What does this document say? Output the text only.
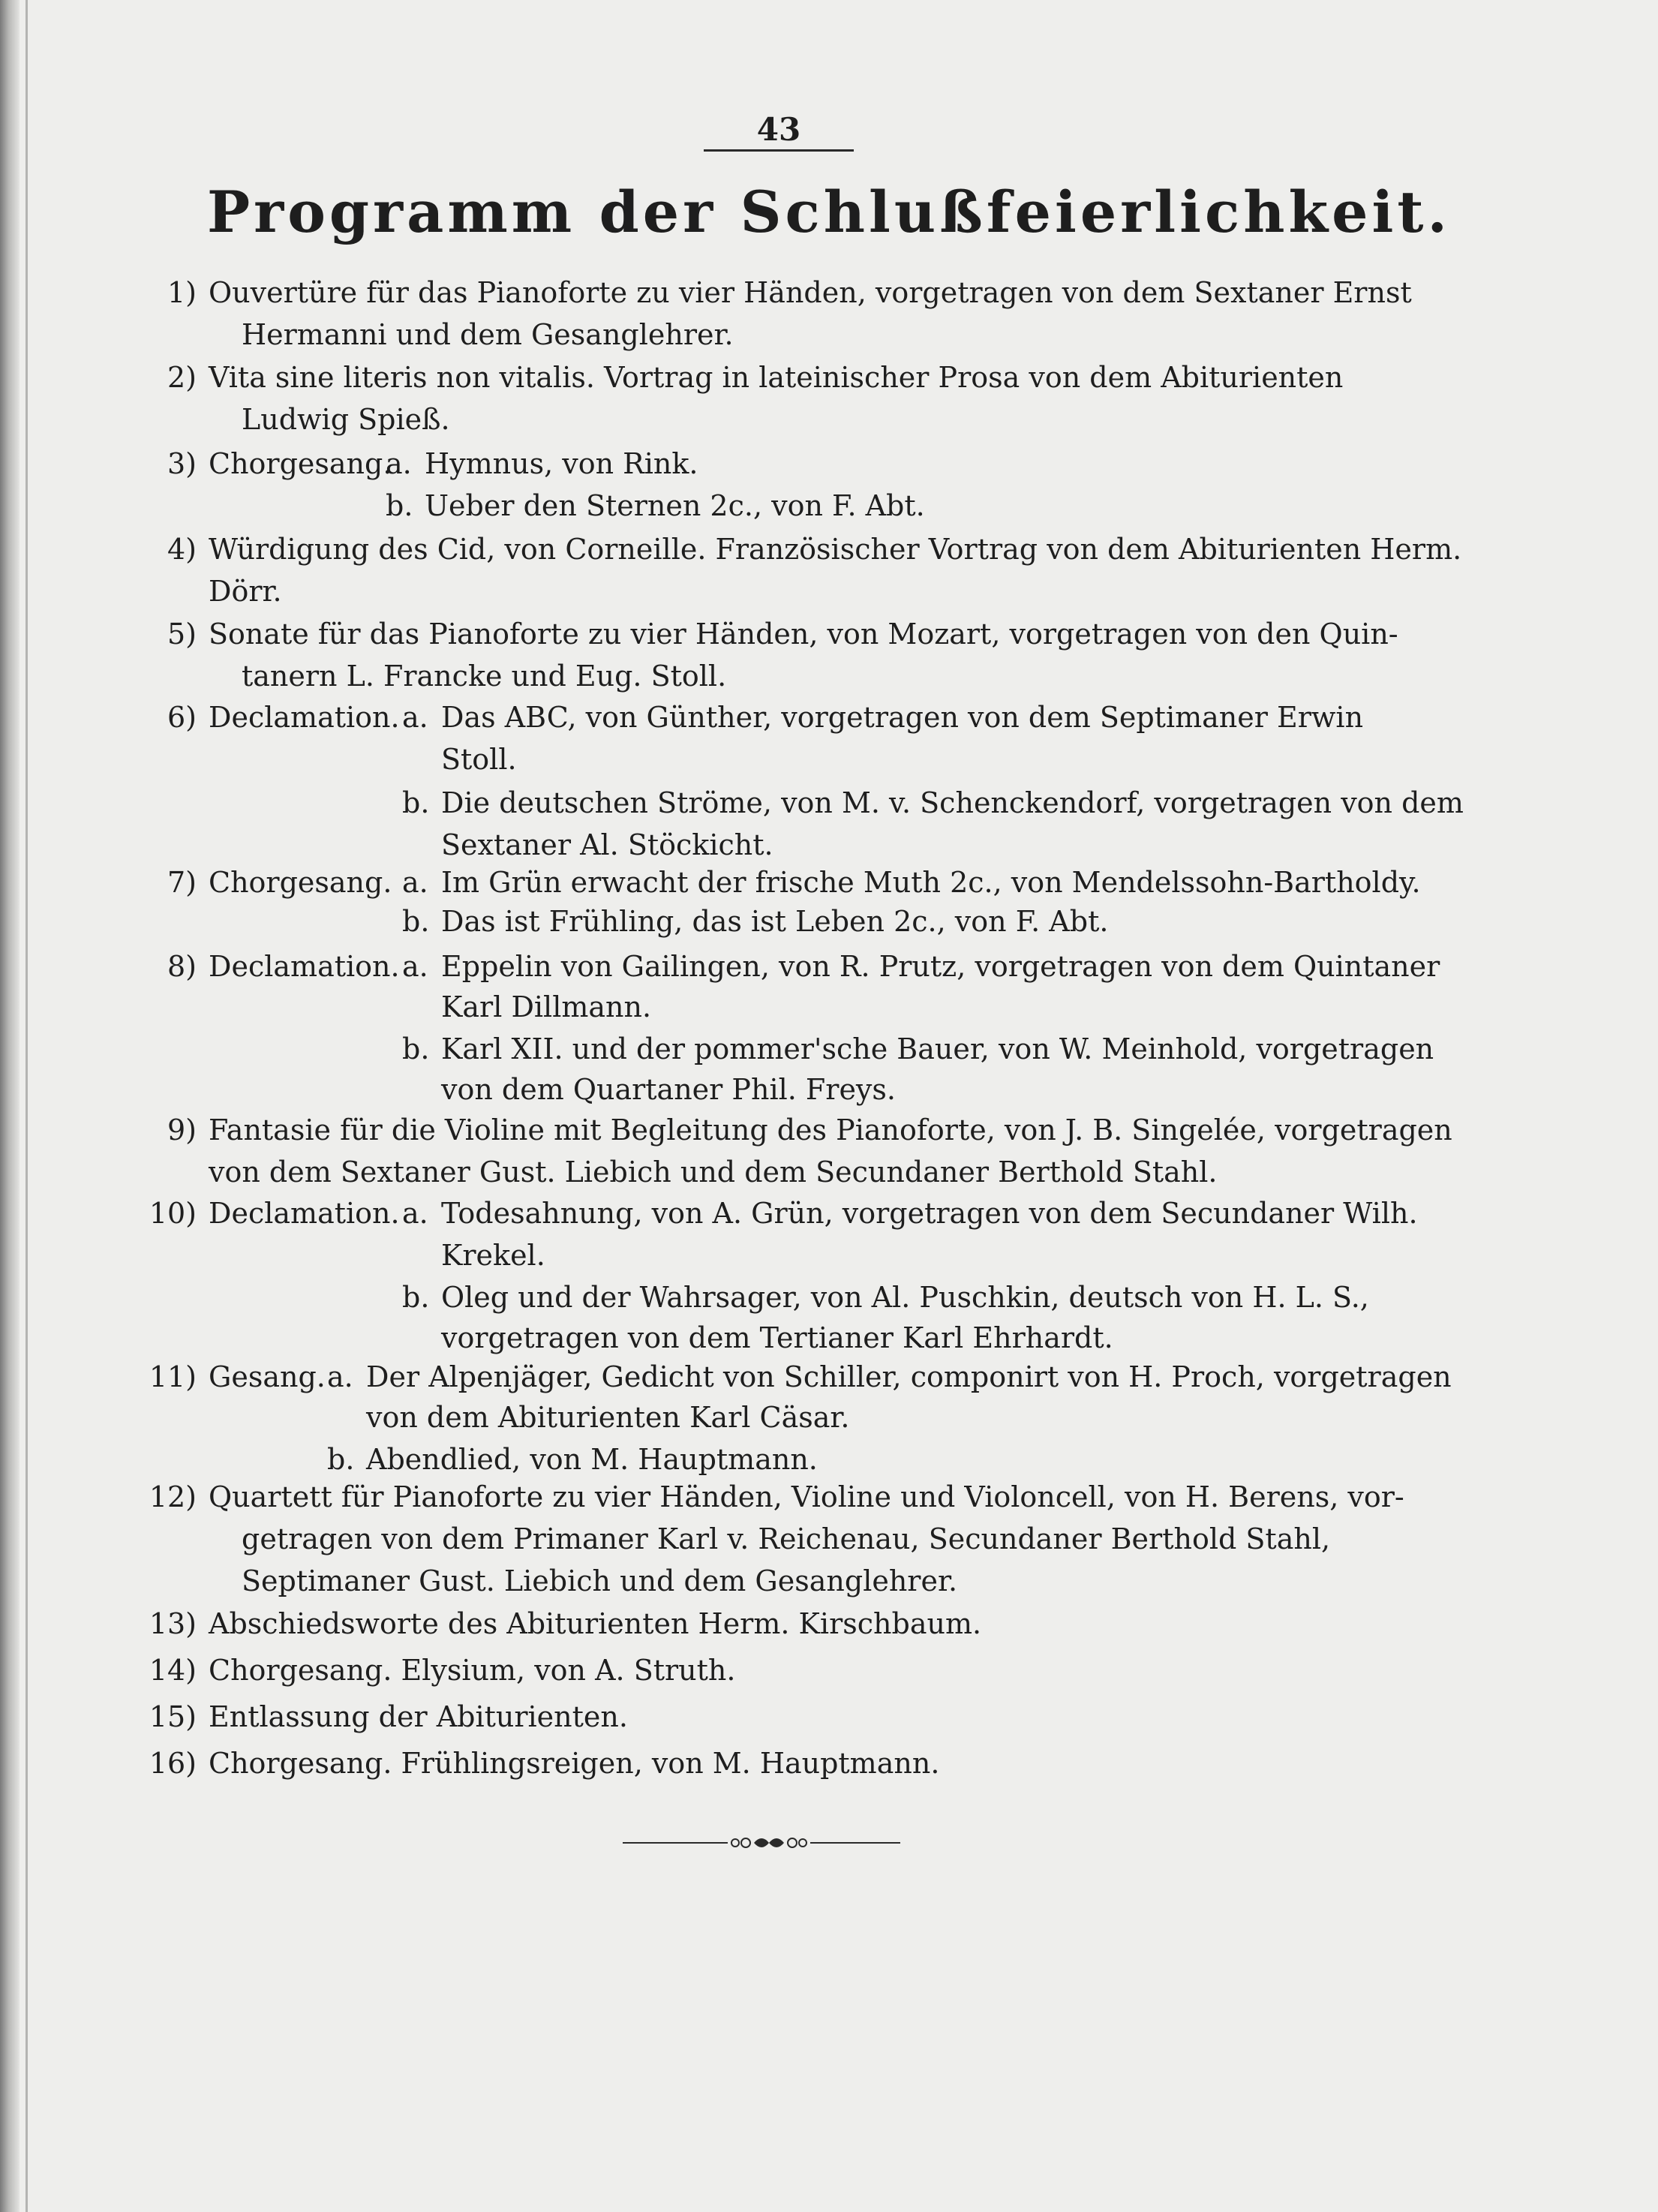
43
Programm der Schlußfeierlichkeit.
1) Ouvertüre für das Pianoforte zu vier Händen, vorgetragen von dem Sextaner Ernst
Hermanni und dem Gesanglehrer.
2) Vita sine literis non vitalis. Vortrag in lateinischer Prosa von dem Abiturienten
Ludwig Spieß.
3) Chorgesang.
a. Hymnus, von Rink.
b. Ueber den Sternen 2c., von F. Abt.
4) Würdigung des Cid, von Corneille. Französischer Vortrag von dem Abiturienten Herm.
Dörr.
5) Sonate für das Pianoforte zu vier Händen, von Mozart, vorgetragen von den Quin-
tanern L. Francke und Eug. Stoll.
6) Declamation. a. Das ABC, von Günther, vorgetragen von dem Septimaner Erwin
Stoll.
b. Die deutschen Ströme, von M. v. Schenckendorf, vorgetragen von dem
Sextaner Al. Stöckicht.
7) Chorgesang. a. Im Grün erwacht der frische Muth 2c., von Mendelssohn-Bartholdy.
b. Das ist Frühling, das ist Leben 2c., von F. Abt.
8) Declamation. a. Eppelin von Gailingen, von R. Prutz, vorgetragen von dem Quintaner
Karl Dillmann.
b. Karl XII. und der pommer'sche Bauer, von W. Meinhold, vorgetragen
von dem Quartaner Phil. Freys.
9) Fantasie für die Violine mit Begleitung des Pianoforte, von J. B. Singelée, vorgetragen
von dem Sextaner Gust. Liebich und dem Secundaner Berthold Stahl.
10) Declamation. a. Todesahnung, von A. Grün, vorgetragen von dem Secundaner Wilh.
Krekel.
b. Oleg und der Wahrsager, von Al. Puschkin, deutsch von H. L. S.,
vorgetragen von dem Tertianer Karl Ehrhardt.
11) Gesang. a. Der Alpenjäger, Gedicht von Schiller, componirt von H. Proch, vorgetragen
von dem Abiturienten Karl Cäsar.
b. Abendlied, von M. Hauptmann.
12) Quartett für Pianoforte zu vier Händen, Violine und Violoncell, von H. Berens, vor-
getragen von dem Primaner Karl v. Reichenau, Secundaner Berthold Stahl,
Septimaner Gust. Liebich und dem Gesanglehrer.
13) Abschiedsworte des Abiturienten Herm. Kirschbaum.
14) Chorgesang. Elysium, von A. Struth.
15) Entlassung der Abiturienten.
16) Chorgesang. Frühlingsreigen, von M. Hauptmann.
